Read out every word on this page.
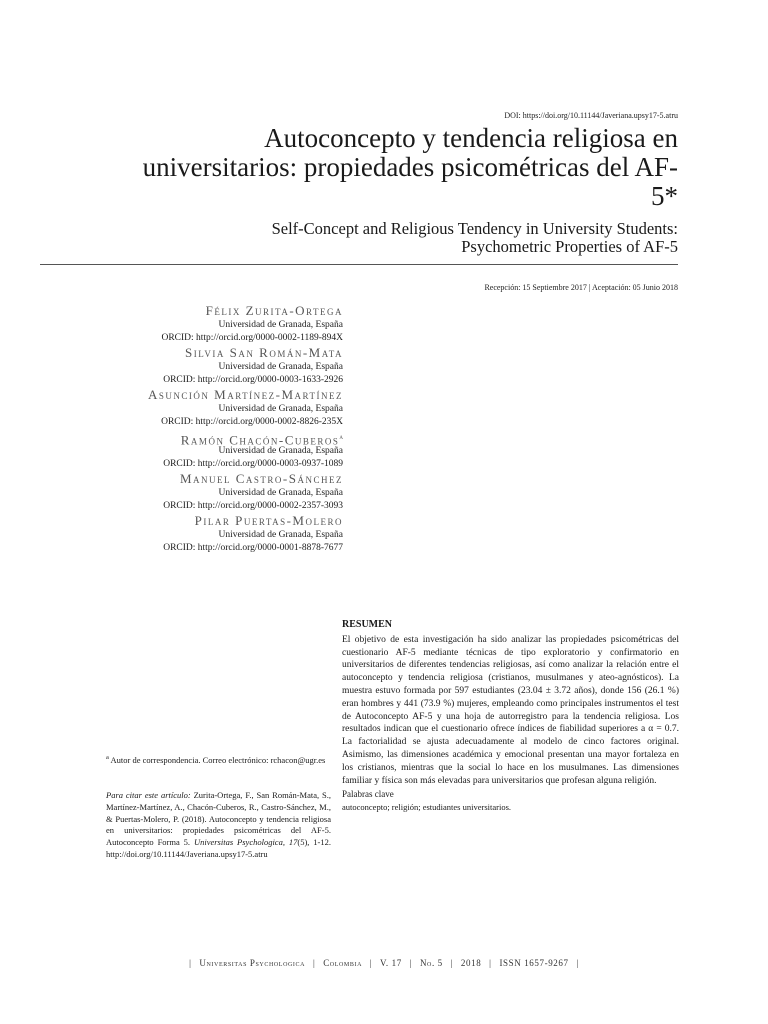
DOI: https://doi.org/10.11144/Javeriana.upsy17-5.atru
Autoconcepto y tendencia religiosa en universitarios: propiedades psicométricas del AF-5*
Self-Concept and Religious Tendency in University Students:
Psychometric Properties of AF-5
Recepción: 15 Septiembre 2017 | Aceptación: 05 Junio 2018
Félix Zurita-Ortega
Universidad de Granada, España
ORCID: http://orcid.org/0000-0002-1189-894X
Silvia San Román-Mata
Universidad de Granada, España
ORCID: http://orcid.org/0000-0003-1633-2926
Asunción Martínez-Martínez
Universidad de Granada, España
ORCID: http://orcid.org/0000-0002-8826-235X
Ramón Chacón-Cuberos$^a$
Universidad de Granada, España
ORCID: http://orcid.org/0000-0003-0937-1089
Manuel Castro-Sánchez
Universidad de Granada, España
ORCID: http://orcid.org/0000-0002-2357-3093
Pilar Puertas-Molero
Universidad de Granada, España
ORCID: http://orcid.org/0000-0001-8878-7677
RESUMEN

El objetivo de esta investigación ha sido analizar las propiedades psicométricas del cuestionario AF-5 mediante técnicas de tipo exploratorio y confirmatorio en universitarios de diferentes tendencias religiosas, así como analizar la relación entre el autoconcepto y tendencia religiosa (cristianos, musulmanes y ateo-agnósticos). La muestra estuvo formada por 597 estudiantes (23.04 ± 3.72 años), donde 156 (26.1 %) eran hombres y 441 (73.9 %) mujeres, empleando como principales instrumentos el test de Autoconcepto AF-5 y una hoja de autorregistro para la tendencia religiosa. Los resultados indican que el cuestionario ofrece índices de fiabilidad superiores a α = 0.7. La factorialidad se ajusta adecuadamente al modelo de cinco factores original. Asimismo, las dimensiones académica y emocional presentan una mayor fortaleza en los cristianos, mientras que la social lo hace en los musulmanes. Las dimensiones familiar y física son más elevadas para universitarios que profesan alguna religión.

Palabras clave
autoconcepto; religión; estudiantes universitarios.
$^a$ Autor de correspondencia. Correo electrónico: rchacon@ugr.es
Para citar este artículo: Zurita-Ortega, F., San Román-Mata, S., Martínez-Martínez, A., Chacón-Cuberos, R., Castro-Sánchez, M., & Puertas-Molero, P. (2018). Autoconcepto y tendencia religiosa en universitarios: propiedades psicométricas del AF-5. Autoconcepto Forma 5. Universitas Psychologica, 17(5), 1-12. http://doi.org/10.11144/Javeriana.upsy17-5.atru
| Universitas Psychologica | Colombia | V. 17 | No. 5 | 2018 | ISSN 1657-9267 |
